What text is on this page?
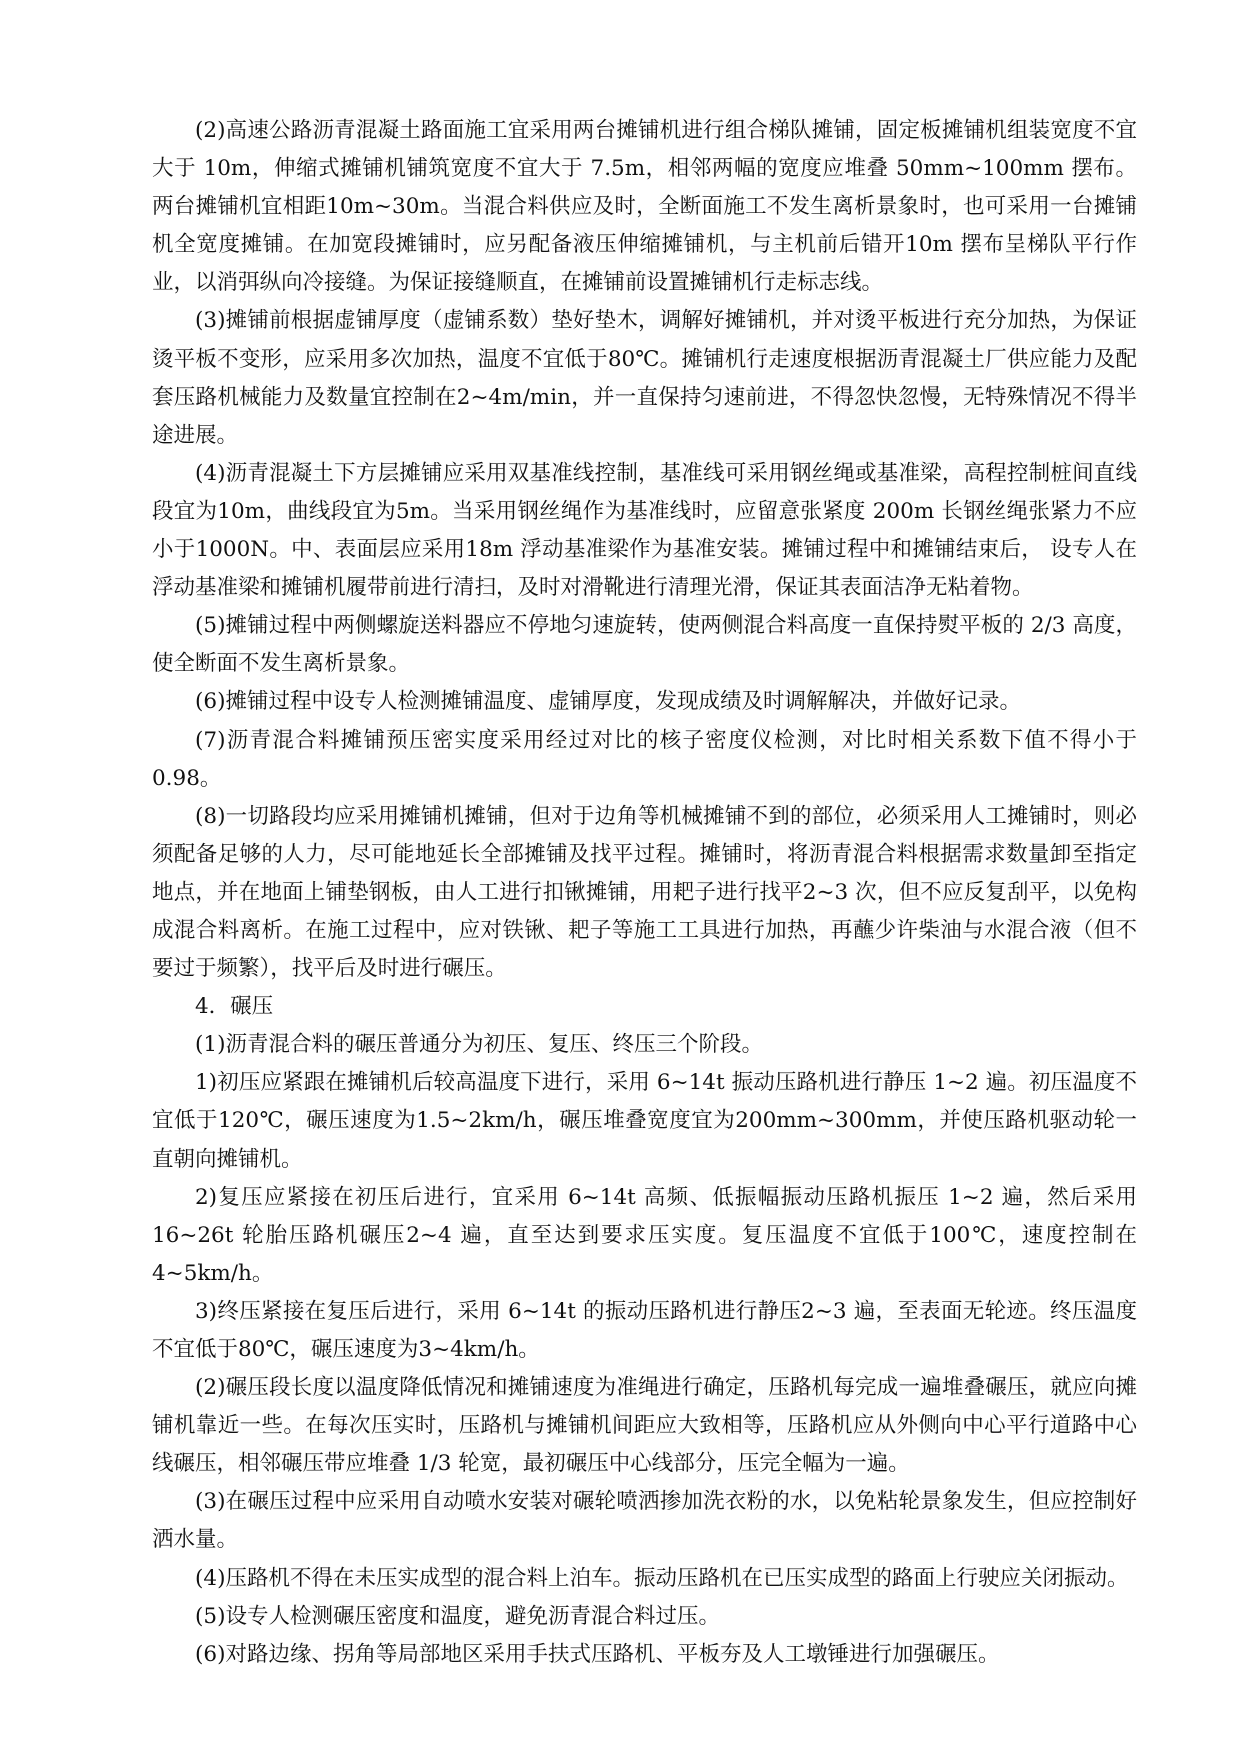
(2)高速公路沥青混凝土路面施工宜采用两台摊铺机进行组合梯队摊铺，固定板摊铺机组装宽度不宜大于 10m，伸缩式摊铺机铺筑宽度不宜大于 7.5m，相邻两幅的宽度应堆叠 50mm~100mm 摆布。两台摊铺机宜相距10m~30m。当混合料供应及时，全断面施工不发生离析景象时，也可采用一台摊铺机全宽度摊铺。在加宽段摊铺时，应另配备液压伸缩摊铺机，与主机前后错开10m 摆布呈梯队平行作业，以消弭纵向冷接缝。为保证接缝顺直，在摊铺前设置摊铺机行走标志线。

(3)摊铺前根据虚铺厚度（虚铺系数）垫好垫木，调解好摊铺机，并对烫平板进行充分加热，为保证烫平板不变形，应采用多次加热，温度不宜低于80℃。摊铺机行走速度根据沥青混凝土厂供应能力及配套压路机械能力及数量宜控制在2~4m/min，并一直保持匀速前进，不得忽快忽慢，无特殊情况不得半途进展。

(4)沥青混凝土下方层摊铺应采用双基准线控制，基准线可采用钢丝绳或基准梁，高程控制桩间直线段宜为10m，曲线段宜为5m。当采用钢丝绳作为基准线时，应留意张紧度 200m 长钢丝绳张紧力不应小于1000N。中、表面层应采用18m 浮动基准梁作为基准安装。摊铺过程中和摊铺结束后， 设专人在浮动基准梁和摊铺机履带前进行清扫，及时对滑靴进行清理光滑，保证其表面洁净无粘着物。

(5)摊铺过程中两侧螺旋送料器应不停地匀速旋转，使两侧混合料高度一直保持熨平板的 2/3 高度，使全断面不发生离析景象。

(6)摊铺过程中设专人检测摊铺温度、虚铺厚度，发现成绩及时调解解决，并做好记录。

(7)沥青混合料摊铺预压密实度采用经过对比的核子密度仪检测，对比时相关系数下值不得小于0.98。

(8)一切路段均应采用摊铺机摊铺，但对于边角等机械摊铺不到的部位，必须采用人工摊铺时，则必须配备足够的人力，尽可能地延长全部摊铺及找平过程。摊铺时，将沥青混合料根据需求数量卸至指定地点，并在地面上铺垫钢板，由人工进行扣锹摊铺，用耙子进行找平2~3 次，但不应反复刮平，以免构成混合料离析。在施工过程中，应对铁锹、耙子等施工工具进行加热，再蘸少许柴油与水混合液（但不要过于频繁），找平后及时进行碾压。

4．碾压

(1)沥青混合料的碾压普通分为初压、复压、终压三个阶段。

1)初压应紧跟在摊铺机后较高温度下进行，采用 6~14t 振动压路机进行静压 1~2 遍。初压温度不宜低于120℃，碾压速度为1.5~2km/h，碾压堆叠宽度宜为200mm~300mm，并使压路机驱动轮一直朝向摊铺机。

2)复压应紧接在初压后进行，宜采用 6~14t 高频、低振幅振动压路机振压 1~2 遍，然后采用 16~26t 轮胎压路机碾压2~4 遍，直至达到要求压实度。复压温度不宜低于100℃，速度控制在4~5km/h。

3)终压紧接在复压后进行，采用 6~14t 的振动压路机进行静压2~3 遍，至表面无轮迹。终压温度不宜低于80℃，碾压速度为3~4km/h。

(2)碾压段长度以温度降低情况和摊铺速度为准绳进行确定，压路机每完成一遍堆叠碾压，就应向摊铺机靠近一些。在每次压实时，压路机与摊铺机间距应大致相等，压路机应从外侧向中心平行道路中心线碾压，相邻碾压带应堆叠 1/3 轮宽，最初碾压中心线部分，压完全幅为一遍。

(3)在碾压过程中应采用自动喷水安装对碾轮喷洒掺加洗衣粉的水，以免粘轮景象发生，但应控制好洒水量。

(4)压路机不得在未压实成型的混合料上泊车。振动压路机在已压实成型的路面上行驶应关闭振动。

(5)设专人检测碾压密度和温度，避免沥青混合料过压。

(6)对路边缘、拐角等局部地区采用手扶式压路机、平板夯及人工墩锤进行加强碾压。
